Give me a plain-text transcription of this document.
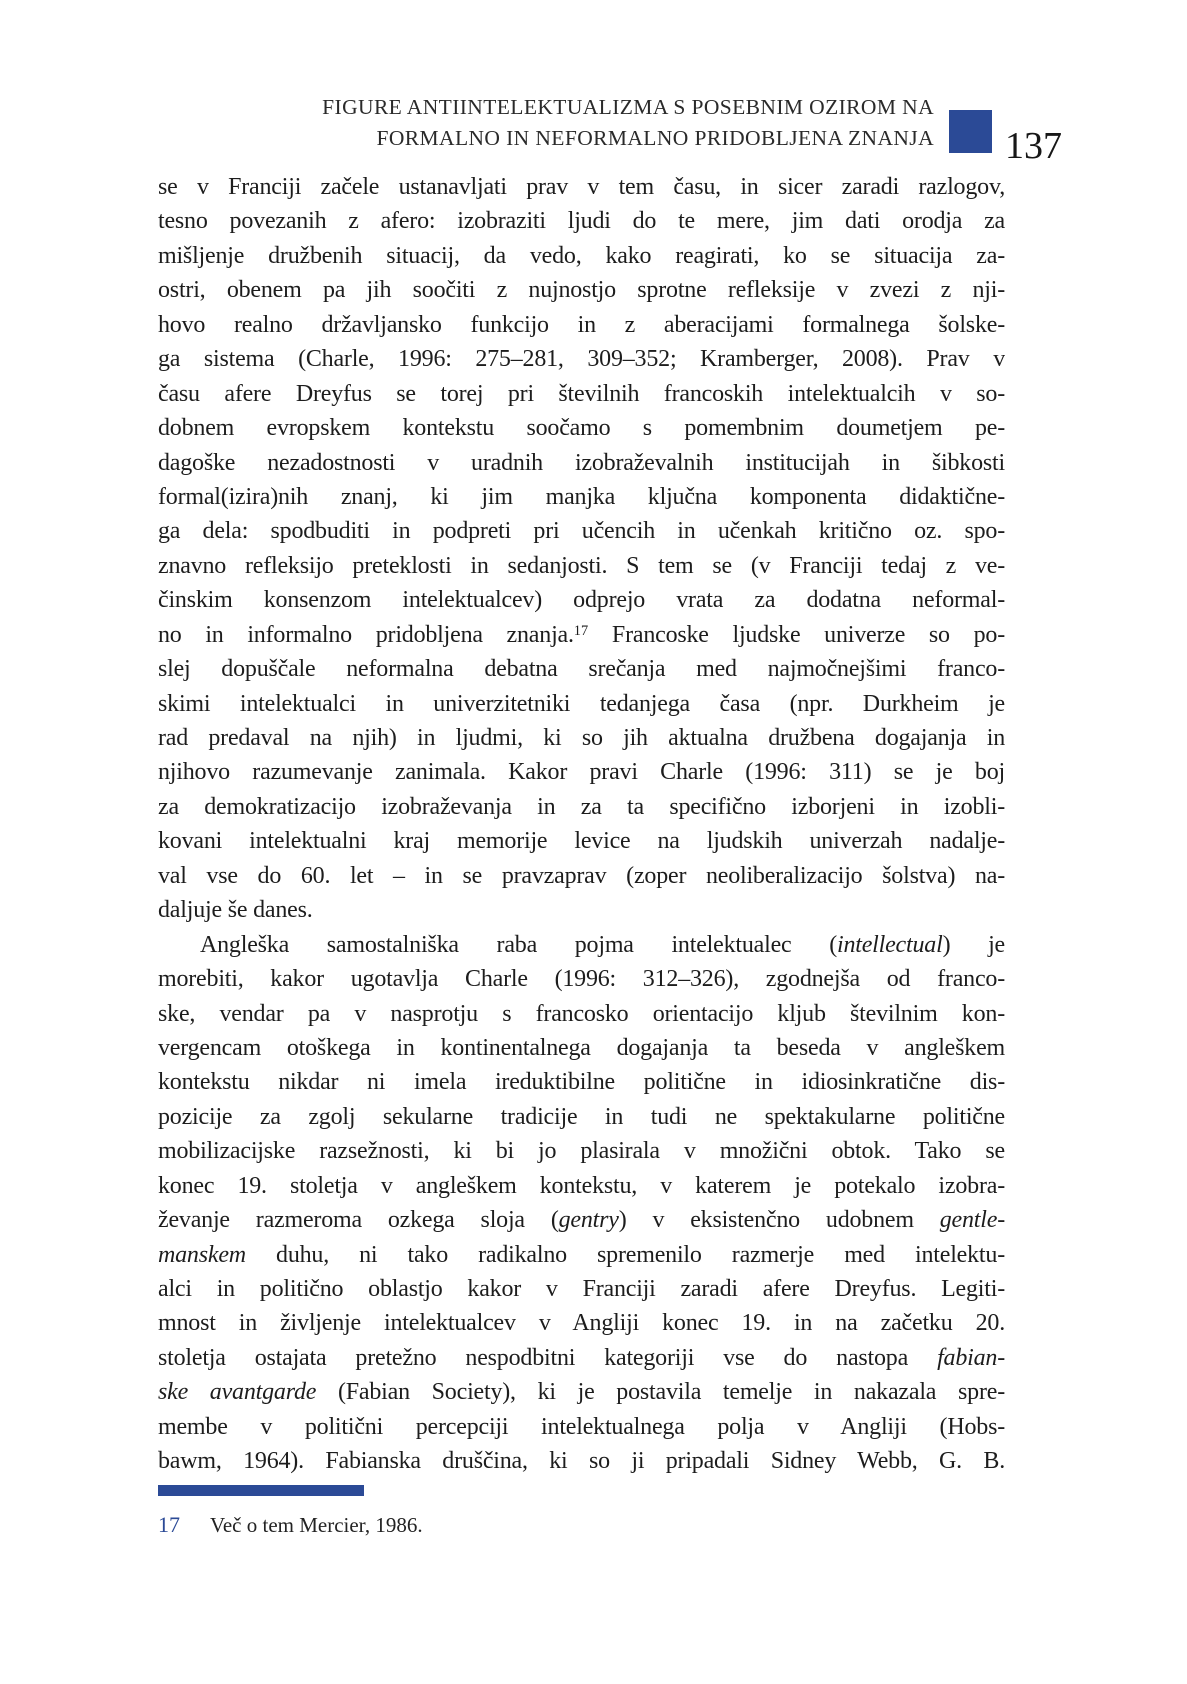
FIGURE ANTIINTELEKTUALIZMA S POSEBNIM OZIROM NA
FORMALNO IN NEFORMALNO PRIDOBLJENA ZNANJA 137
se v Franciji začele ustanavljati prav v tem času, in sicer zaradi razlogov,
tesno povezanih z afero: izobraziti ljudi do te mere, jim dati orodja za
mišljenje družbenih situacij, da vedo, kako reagirati, ko se situacija za-
ostri, obenem pa jih soočiti z nujnostjo sprotne refleksije v zvezi z nji-
hovo realno državljansko funkcijo in z aberacijami formalnega šolske-
ga sistema (Charle, 1996: 275–281, 309–352; Kramberger, 2008). Prav v
času afere Dreyfus se torej pri številnih francoskih intelektualcih v so-
dobnem evropskem kontekstu soočamo s pomembnim doumetjem pe-
dagoške nezadostnosti v uradnih izobraževalnih institucijah in šibkosti
formal(izira)nih znanj, ki jim manjka ključna komponenta didaktične-
ga dela: spodbuditi in podpreti pri učencih in učenkah kritično oz. spo-
znavno refleksijo preteklosti in sedanjosti. S tem se (v Franciji tedaj z ve-
činskim konsenzom intelektualcev) odprejo vrata za dodatna neformal-
no in informalno pridobljena znanja.$^{17}$ Francoske ljudske univerze so po-
slej dopuščale neformalna debatna srečanja med najmočnejšimi franco-
skimi intelektualci in univerzitetniki tedanjega časa (npr. Durkheim je
rad predaval na njih) in ljudmi, ki so jih aktualna družbena dogajanja in
njihovo razumevanje zanimala. Kakor pravi Charle (1996: 311) se je boj
za demokratizacijo izobraževanja in za ta specifično izborjeni in izobli-
kovani intelektualni kraj memorije levice na ljudskih univerzah nadalje-
val vse do 60. let – in se pravzaprav (zoper neoliberalizacijo šolstva) na-
daljuje še danes.
Angleška samostalniška raba pojma intelektualec (intellectual) je
morebiti, kakor ugotavlja Charle (1996: 312–326), zgodnejša od franco-
ske, vendar pa v nasprotju s francosko orientacijo kljub številnim kon-
vergencam otoškega in kontinentalnega dogajanja ta beseda v angleškem
kontekstu nikdar ni imela ireduktibilne politične in idiosinkratične dis-
pozicije za zgolj sekularne tradicije in tudi ne spektakularne politične
mobilizacijske razsežnosti, ki bi jo plasirala v množični obtok. Tako se
konec 19. stoletja v angleškem kontekstu, v katerem je potekalo izobra-
ževanje razmeroma ozkega sloja (gentry) v eksistenčno udobnem gentle-
manskem duhu, ni tako radikalno spremenilo razmerje med intelektu-
alci in politično oblastjo kakor v Franciji zaradi afere Dreyfus. Legiti-
mnost in življenje intelektualcev v Angliji konec 19. in na začetku 20.
stoletja ostajata pretežno nespodbitni kategoriji vse do nastopa fabian-
ske avantgarde (Fabian Society), ki je postavila temelje in nakazala spre-
membe v politični percepciji intelektualnega polja v Angliji (Hobs-
bawm, 1964). Fabianska druščina, ki so ji pripadali Sidney Webb, G. B.
17	Več o tem Mercier, 1986.
